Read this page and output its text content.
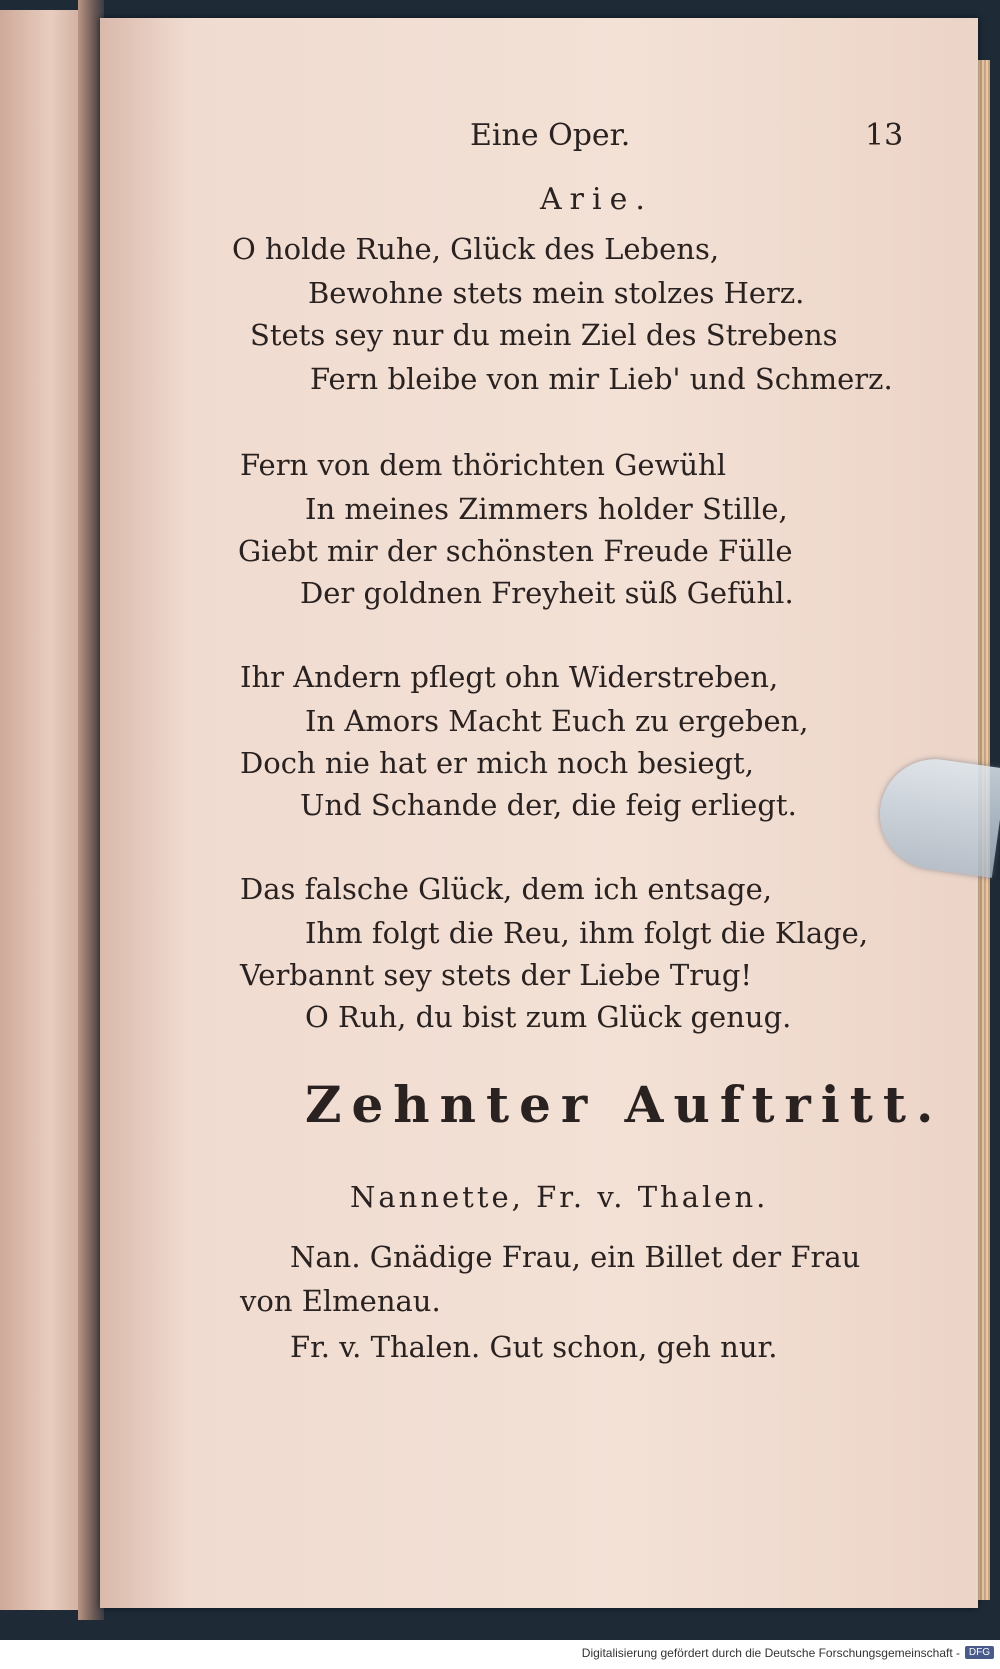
Eine Oper.	13
Arie.
O holde Ruhe, Glück des Lebens,
Bewohne stets mein stolzes Herz.
Stets sey nur du mein Ziel des Strebens
Fern bleibe von mir Lieb' und Schmerz.
Fern von dem thörichten Gewühl
In meines Zimmers holder Stille,
Giebt mir der schönsten Freude Fülle
Der goldnen Freyheit süß Gefühl.
Ihr Andern pflegt ohn Widerstreben,
In Amors Macht Euch zu ergeben,
Doch nie hat er mich noch besiegt,
Und Schande der, die feig erliegt.
Das falsche Glück, dem ich entsage,
Ihm folgt die Reu, ihm folgt die Klage,
Verbannt sey stets der Liebe Trug!
O Ruh, du bist zum Glück genug.
Zehnter Auftritt.
Nannette, Fr. v. Thalen.
Nan. Gnädige Frau, ein Billet der Frau
von Elmenau.
Fr. v. Thalen. Gut schon, geh nur.
Digitalisierung gefördert durch die Deutsche Forschungsgemeinschaft - DFG
